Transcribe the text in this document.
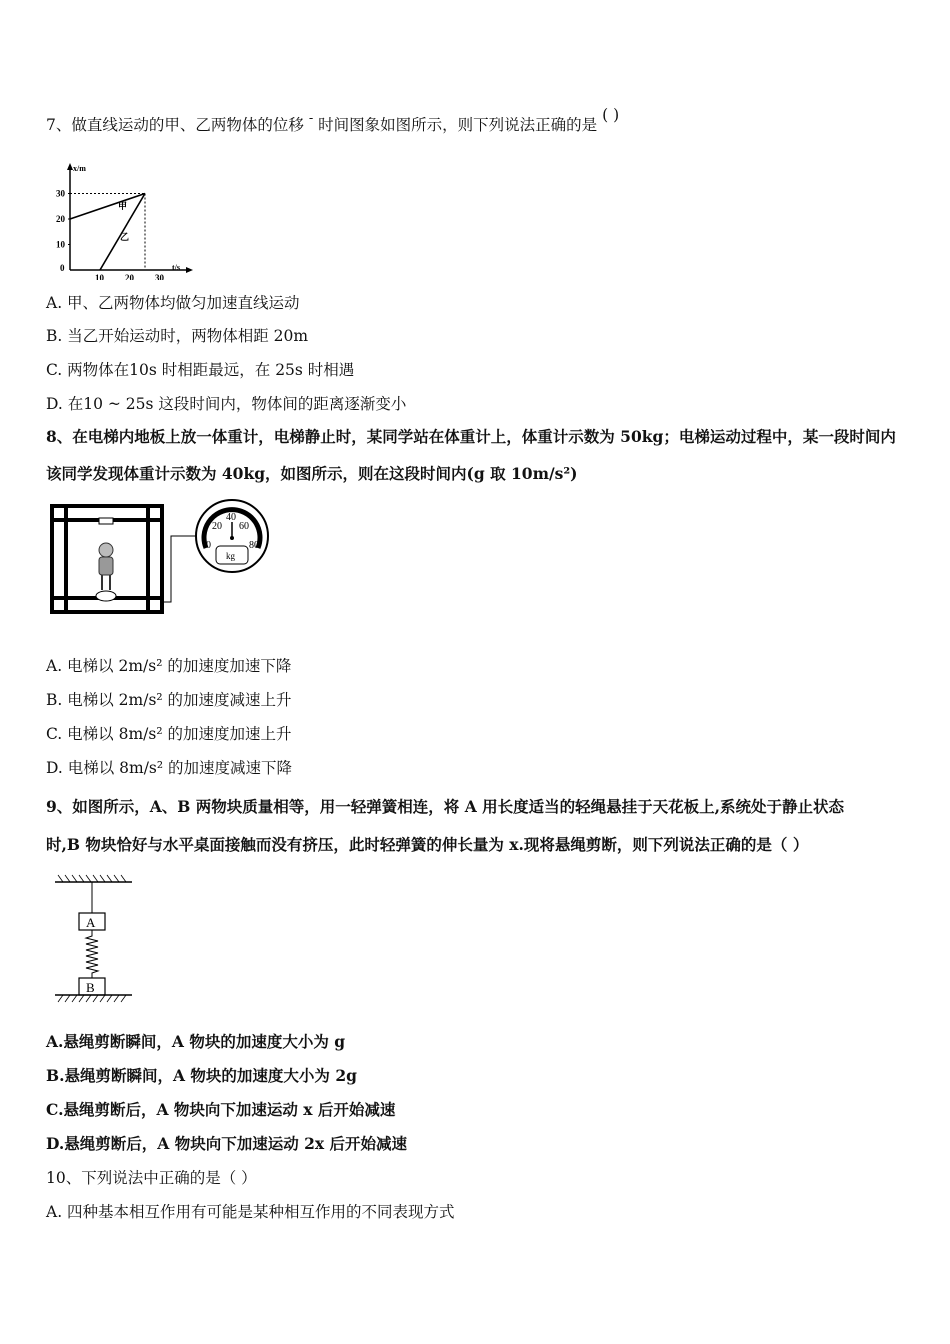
7、做直线运动的甲、乙两物体的位移 - 时间图象如图所示，则下列说法正确的是 ( )
x/m
t/s
0
10
20
30
10 20 30
甲
乙
A. 甲、乙两物体均做匀加速直线运动
B. 当乙开始运动时，两物体相距 20m
C. 两物体在10s 时相距最远，在 25s 时相遇
D. 在10 ~ 25s 这段时间内，物体间的距离逐渐变小
8、在电梯内地板上放一体重计，电梯静止时，某同学站在体重计上，体重计示数为 50kg；电梯运动过程中，某一段时间内
该同学发现体重计示数为 40kg，如图所示，则在这段时间内(g 取 10m/s²)
0
20
40
60
80
kg
A. 电梯以 2m/s² 的加速度加速下降
B. 电梯以 2m/s² 的加速度减速上升
C. 电梯以 8m/s² 的加速度加速上升
D. 电梯以 8m/s² 的加速度减速下降
9、如图所示，A、B 两物块质量相等，用一轻弹簧相连，将 A 用长度适当的轻绳悬挂于天花板上,系统处于静止状态
时,B 物块恰好与水平桌面接触而没有挤压，此时轻弹簧的伸长量为 x.现将悬绳剪断，则下列说法正确的是（ ）
A
B
A.悬绳剪断瞬间，A 物块的加速度大小为 g
B.悬绳剪断瞬间，A 物块的加速度大小为 2g
C.悬绳剪断后，A 物块向下加速运动 x 后开始减速
D.悬绳剪断后，A 物块向下加速运动 2x 后开始减速
10、下列说法中正确的是（ ）
A. 四种基本相互作用有可能是某种相互作用的不同表现方式
